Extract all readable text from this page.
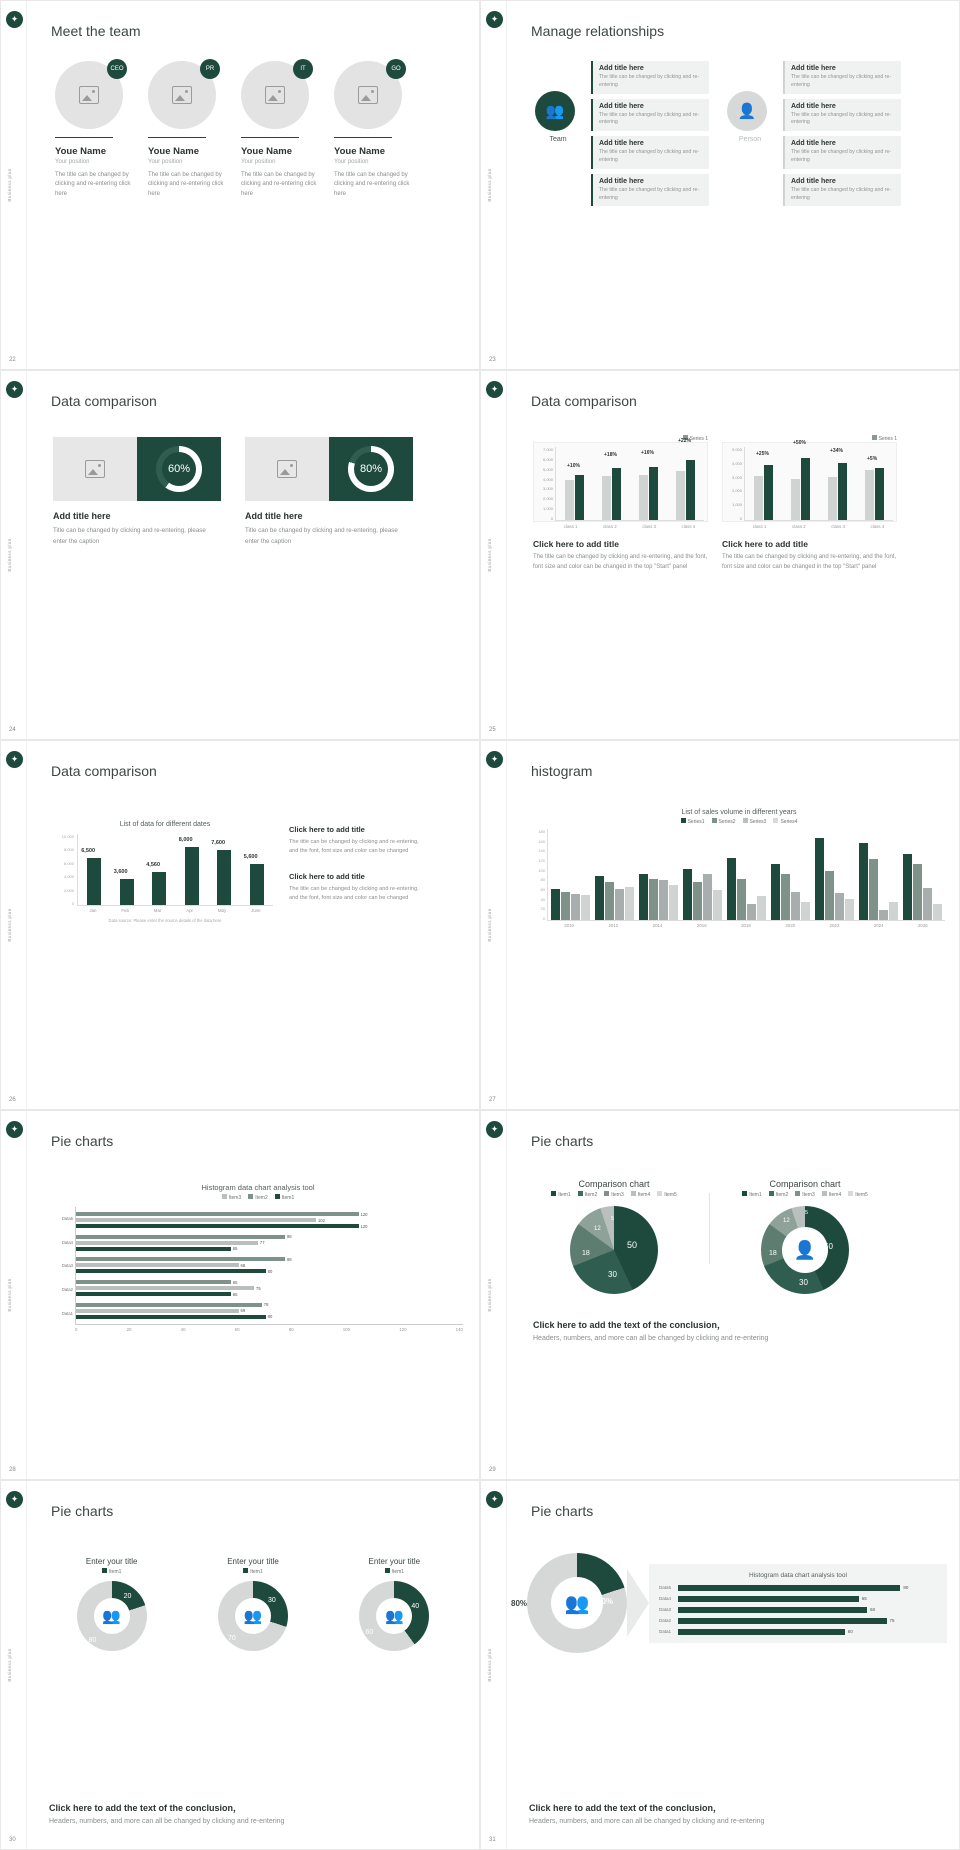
✦
Business plan
22
Meet the team
CEO
Youe Name
Your position
The title can be changed by clicking and re-entering click here
PR
Youe Name
Your position
The title can be changed by clicking and re-entering click here
IT
Youe Name
Your position
The title can be changed by clicking and re-entering click here
GO
Youe Name
Your position
The title can be changed by clicking and re-entering click here
✦
Business plan
23
Manage relationships
👥
Team
Add title here
The title can be changed by clicking and re-entering
Add title here
The title can be changed by clicking and re-entering
Add title here
The title can be changed by clicking and re-entering
Add title here
The title can be changed by clicking and re-entering
👤
Person
Add title here
The title can be changed by clicking and re-entering
Add title here
The title can be changed by clicking and re-entering
Add title here
The title can be changed by clicking and re-entering
Add title here
The title can be changed by clicking and re-entering
✦
Business plan
24
Data comparison
60%
Add title here
Title can be changed by clicking and re-entering, please enter the caption
80%
Add title here
Title can be changed by clicking and re-entering, please enter the caption
✦
Business plan
25
Data comparison
Series 1
7,000
6,000
5,000
4,000
3,000
2,000
1,000
0
+10%
+18%	+16%
+22%
class 1	class 2	class 3	class 4
Click here to add title
The title can be changed by clicking and re-entering, and the font, font size and color can be changed in the top "Start" panel
Series 1
5,000
4,000
3,000
2,000
1,000
0
+25%
+50%
+34%
+5%
class 1	class 2	class 3	class 4
Click here to add title
The title can be changed by clicking and re-entering, and the font, font size and color can be changed in the top "Start" panel
✦
Business plan
26
Data comparison
List of data for different dates
10,000
8,000
6,000
4,000
2,000
0
6,500
3,600
4,560
8,000	7,600
5,600
Jan	Feb	Mar	Apr	May	June
Data source: Please enter the source details of the data here
Click here to add title
The title can be changed by clicking and re-entering, and the font, font size and color can be changed
Click here to add title
The title can be changed by clicking and re-entering, and the font, font size and color can be changed
✦
Business plan
27
histogram
List of sales volume in different years
Series1	Series2	Series3	Series4
180
160
140
120
100
80
60
40
20
0
2010	2012	2014	2016	2018	2020	2022	2024	2026
✦
Business plan
28
Pie charts
Histogram data chart analysis tool
Item3	Item2	Item1
Data5
Data4
Data3
Data2
Data1
120
102
120
88
77
65
88
68
80
65
75
65
78
69
80
0	20	40	60	80	100	120	140
✦
Business plan
29
Pie charts
Comparison chart
Item1	Item2	Item3	Item4	Item5
50
30
18
12
5
Comparison chart
Item1	Item2	Item3	Item4	Item5
👤 50
30
18
12
5
Click here to add the text of the conclusion，
Headers, numbers, and more can all be changed by clicking and re-entering
✦
Business plan
30
Pie charts
Enter your title
Item1
👥
20
80
Enter your title
Item1
👥
30
70
Enter your title
Item1
👥
40
60
Click here to add the text of the conclusion，
Headers, numbers, and more can all be changed by clicking and re-entering
✦
Business plan
31
Pie charts
👥
80%	20%
Histogram data chart analysis tool
Data5	80
Data4	65
Data3	68
Data2	75
Data1	60
Click here to add the text of the conclusion，
Headers, numbers, and more can all be changed by clicking and re-entering
